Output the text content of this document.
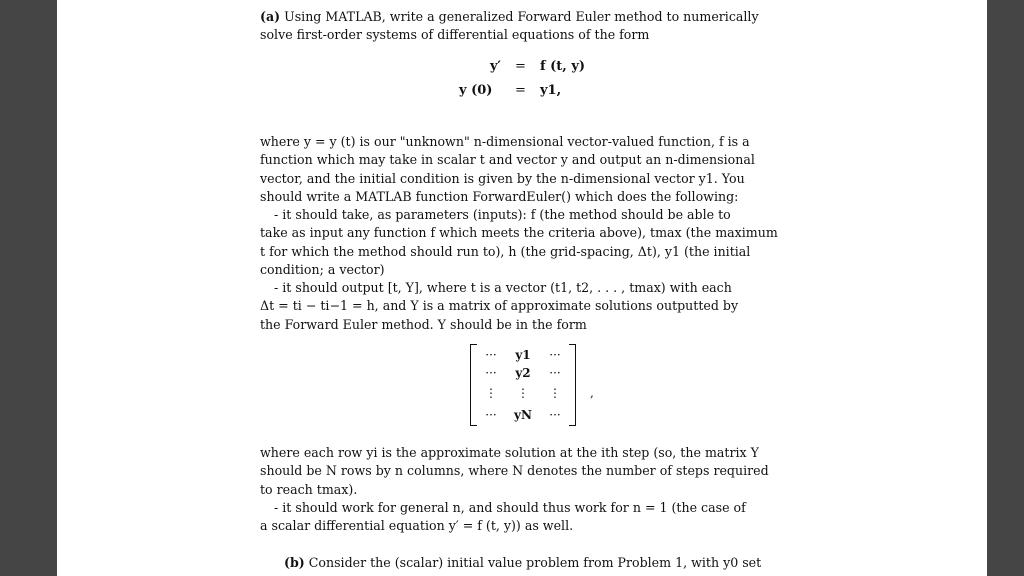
(a) Using MATLAB, write a generalized Forward Euler method to numerically
solve first-order systems of differential equations of the form
y′ = f (t, y)
y (0) = y1,
where y = y (t) is our "unknown" n-dimensional vector-valued function, f is a
function which may take in scalar t and vector y and output an n-dimensional
vector, and the initial condition is given by the n-dimensional vector y1. You
should write a MATLAB function ForwardEuler() which does the following:
- it should take, as parameters (inputs): f (the method should be able to
take as input any function f which meets the criteria above), tmax (the maximum
t for which the method should run to), h (the grid-spacing, Δt), y1 (the initial
condition; a vector)
- it should output [t, Y], where t is a vector (t1, t2, . . . , tmax) with each
Δt = ti − ti−1 = h, and Y is a matrix of approximate solutions outputted by
the Forward Euler method. Y should be in the form
···	y1	···
···	y2	···
⋮	⋮	⋮
···	yN	···
,
where each row yi is the approximate solution at the ith step (so, the matrix Y
should be N rows by n columns, where N denotes the number of steps required
to reach tmax).
- it should work for general n, and should thus work for n = 1 (the case of
a scalar differential equation y′ = f (t, y)) as well.
(b) Consider the (scalar) initial value problem from Problem 1, with y0 set
